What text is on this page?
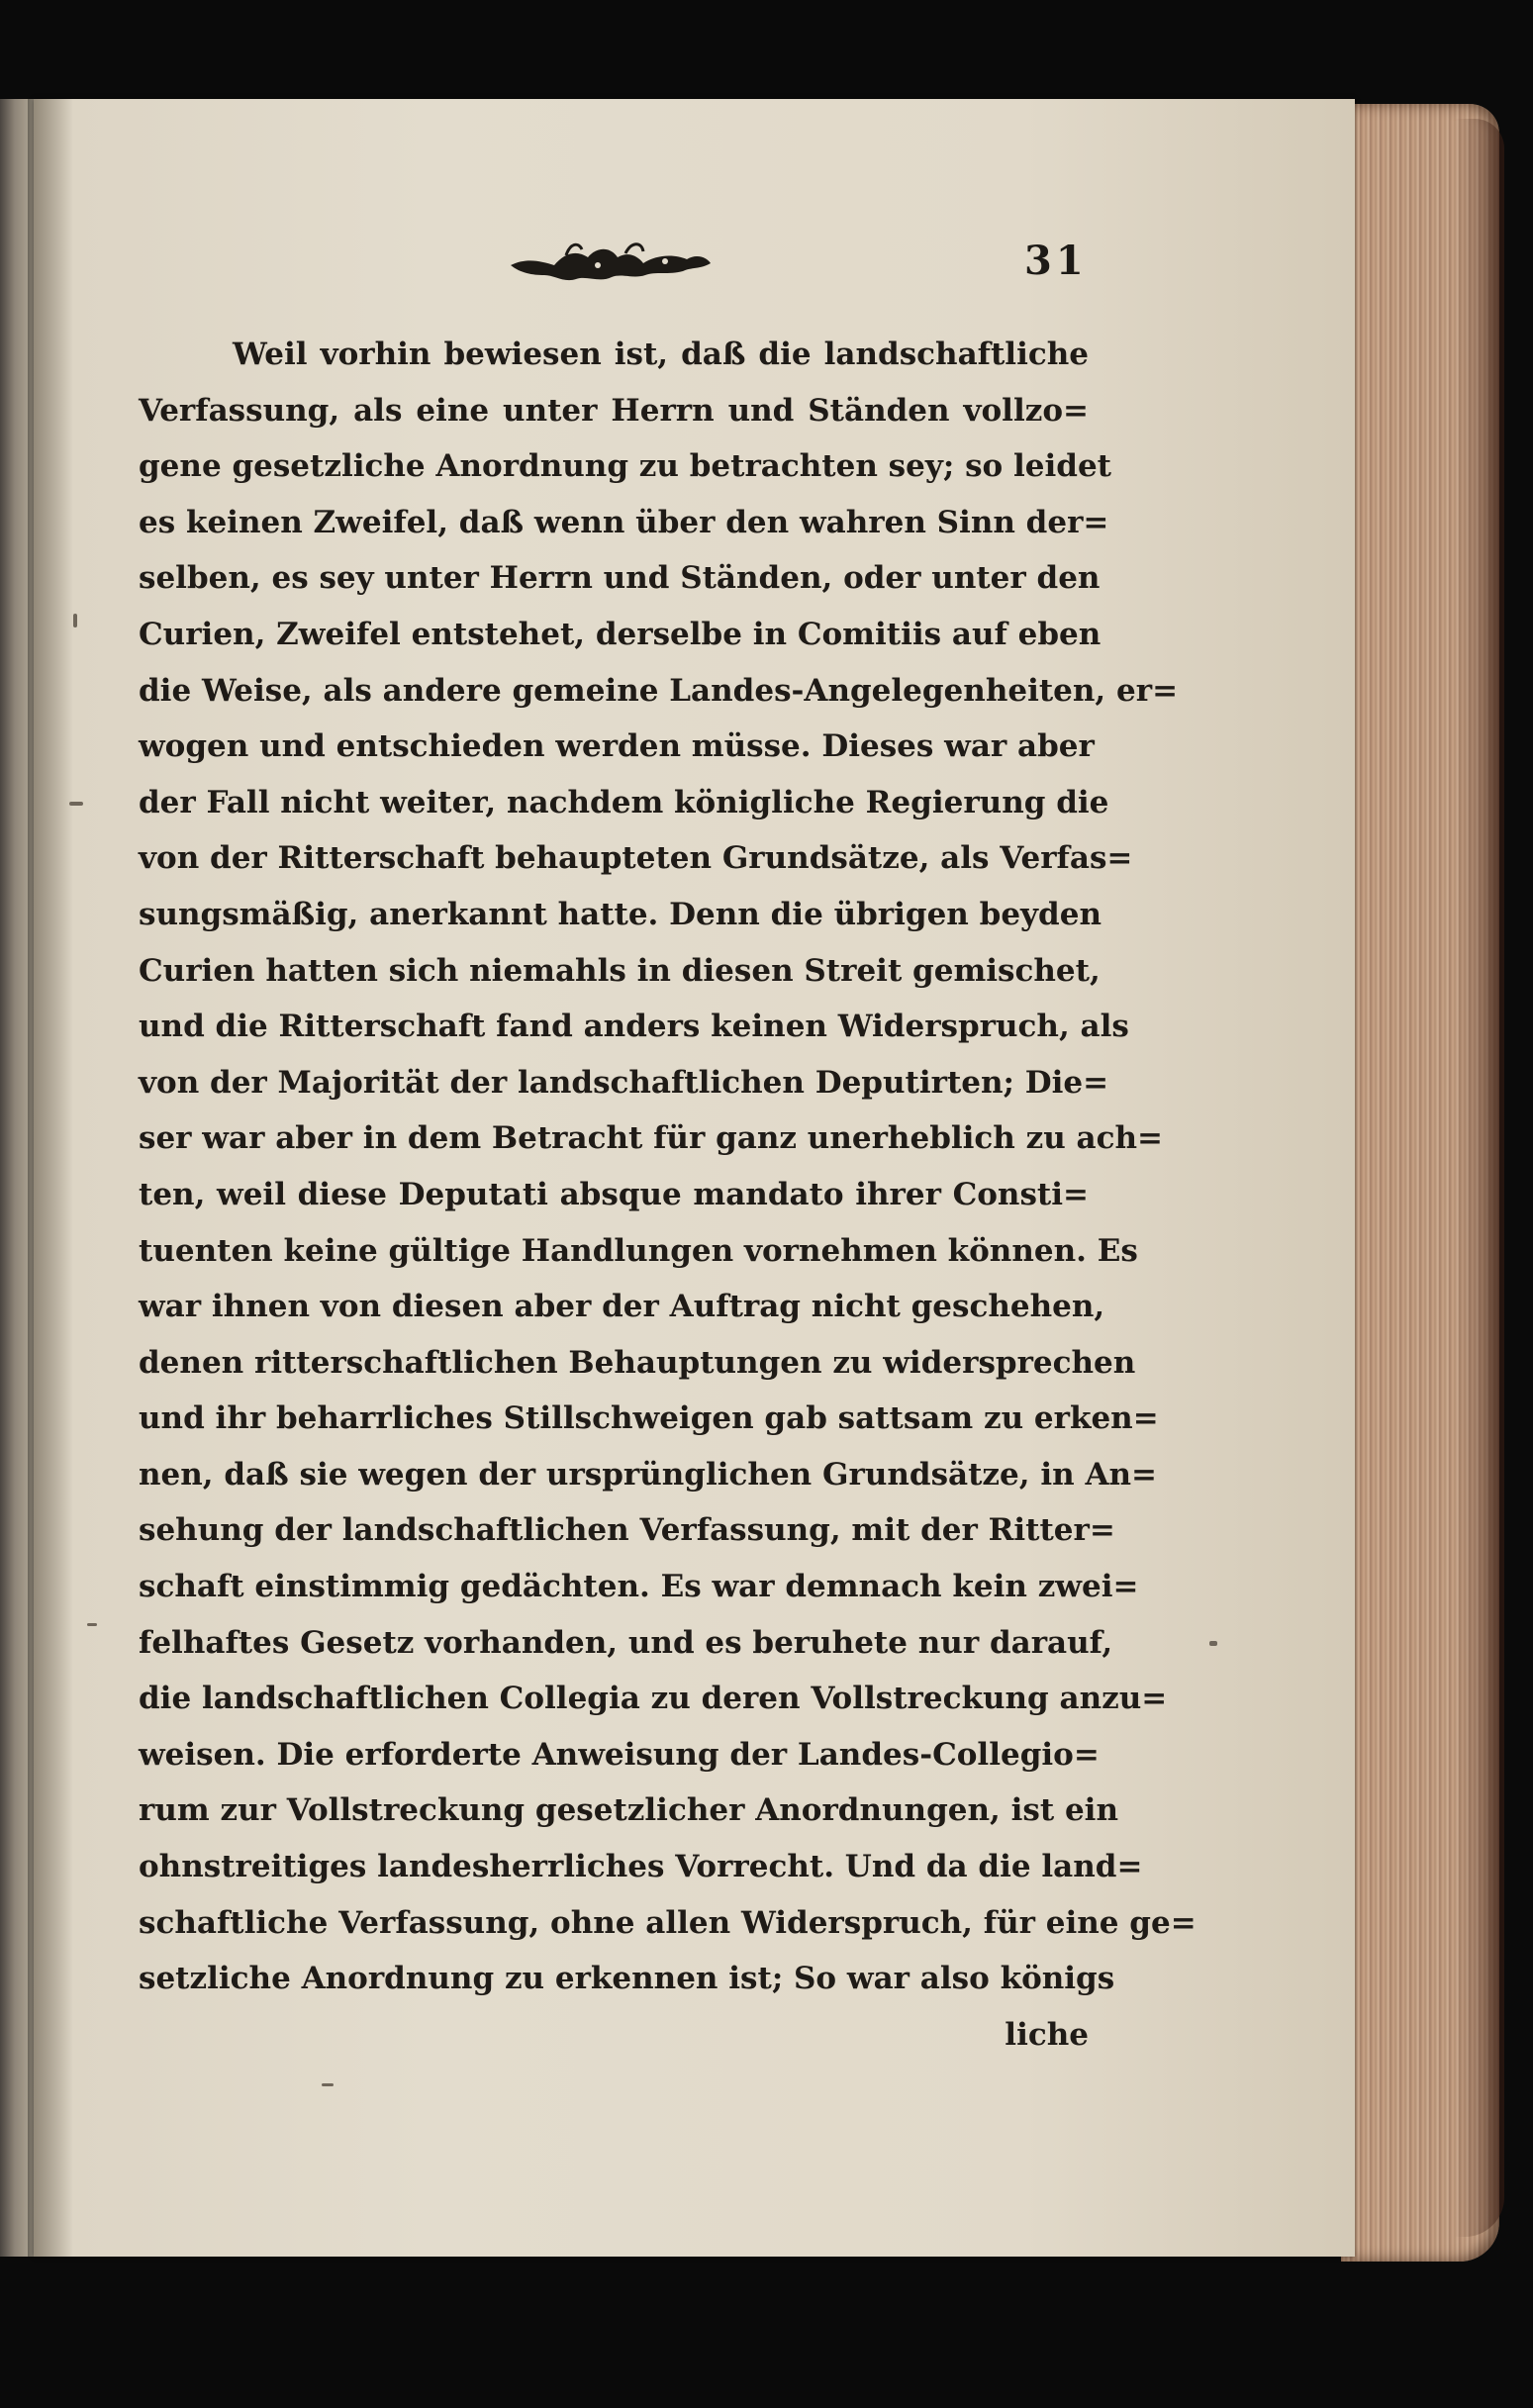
31
Weil vorhin bewiesen ist, daß die landschaftliche
Verfassung, als eine unter Herrn und Ständen vollzo=
gene gesetzliche Anordnung zu betrachten sey; so leidet
es keinen Zweifel, daß wenn über den wahren Sinn der=
selben, es sey unter Herrn und Ständen, oder unter den
Curien, Zweifel entstehet, derselbe in Comitiis auf eben
die Weise, als andere gemeine Landes-Angelegenheiten, er=
wogen und entschieden werden müsse. Dieses war aber
der Fall nicht weiter, nachdem königliche Regierung die
von der Ritterschaft behaupteten Grundsätze, als Verfas=
sungsmäßig, anerkannt hatte. Denn die übrigen beyden
Curien hatten sich niemahls in diesen Streit gemischet,
und die Ritterschaft fand anders keinen Widerspruch, als
von der Majorität der landschaftlichen Deputirten; Die=
ser war aber in dem Betracht für ganz unerheblich zu ach=
ten, weil diese Deputati absque mandato ihrer Consti=
tuenten keine gültige Handlungen vornehmen können. Es
war ihnen von diesen aber der Auftrag nicht geschehen,
denen ritterschaftlichen Behauptungen zu widersprechen
und ihr beharrliches Stillschweigen gab sattsam zu erken=
nen, daß sie wegen der ursprünglichen Grundsätze, in An=
sehung der landschaftlichen Verfassung, mit der Ritter=
schaft einstimmig gedächten. Es war demnach kein zwei=
felhaftes Gesetz vorhanden, und es beruhete nur darauf,
die landschaftlichen Collegia zu deren Vollstreckung anzu=
weisen. Die erforderte Anweisung der Landes-Collegio=
rum zur Vollstreckung gesetzlicher Anordnungen, ist ein
ohnstreitiges landesherrliches Vorrecht. Und da die land=
schaftliche Verfassung, ohne allen Widerspruch, für eine ge=
setzliche Anordnung zu erkennen ist; So war also königs
liche
